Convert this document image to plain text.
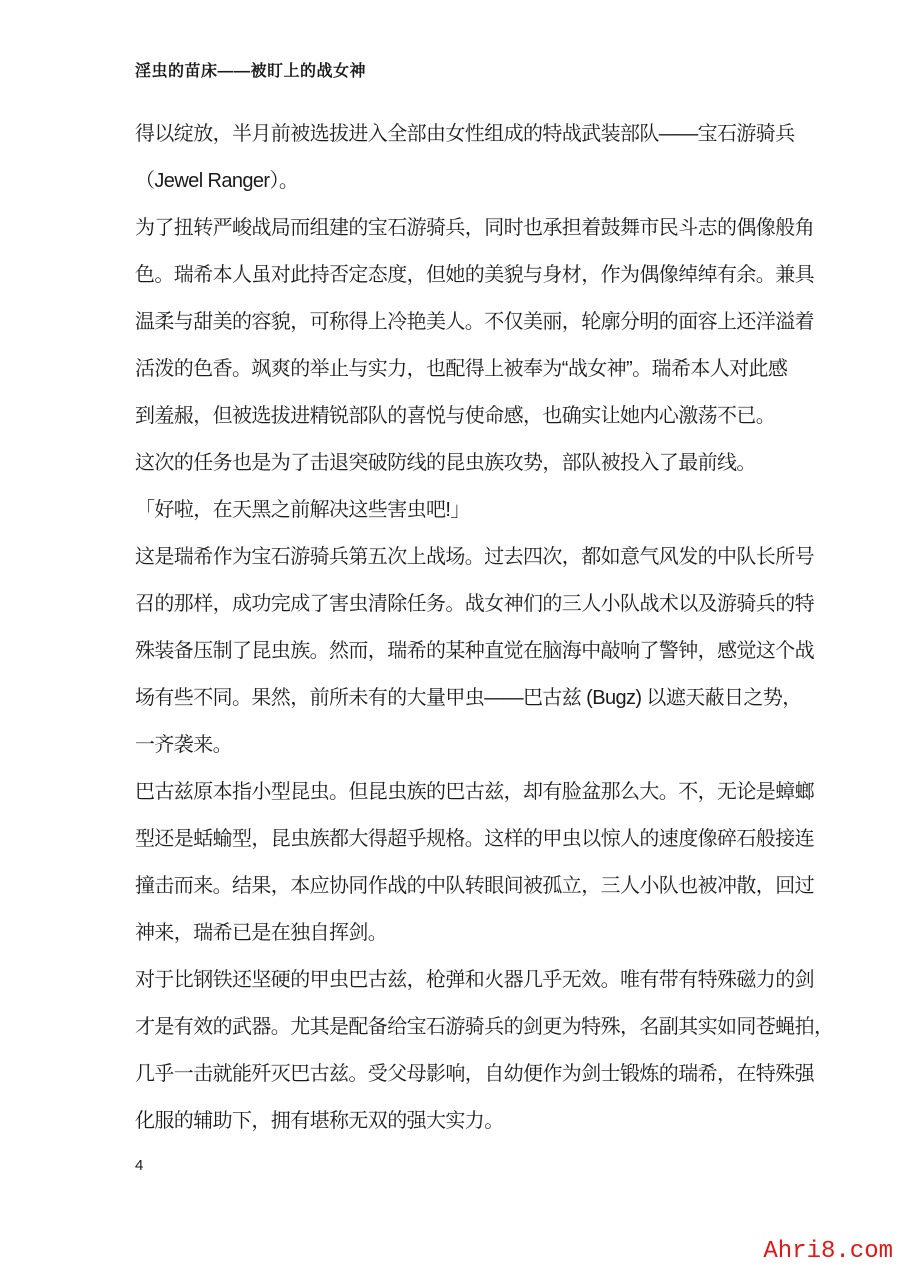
淫虫的苗床——被盯上的战女神
得以绽放，半月前被选拔进入全部由女性组成的特战武装部队——宝石游骑兵
（Jewel Ranger）。
为了扭转严峻战局而组建的宝石游骑兵，同时也承担着鼓舞市民斗志的偶像般角
色。瑞希本人虽对此持否定态度，但她的美貌与身材，作为偶像绰绰有余。兼具
温柔与甜美的容貌，可称得上冷艳美人。不仅美丽，轮廓分明的面容上还洋溢着
活泼的色香。飒爽的举止与实力，也配得上被奉为“战女神”。瑞希本人对此感
到羞赧，但被选拔进精锐部队的喜悦与使命感，也确实让她内心激荡不已。
这次的任务也是为了击退突破防线的昆虫族攻势，部队被投入了最前线。
「好啦，在天黑之前解决这些害虫吧!」
这是瑞希作为宝石游骑兵第五次上战场。过去四次，都如意气风发的中队长所号
召的那样，成功完成了害虫清除任务。战女神们的三人小队战术以及游骑兵的特
殊装备压制了昆虫族。然而，瑞希的某种直觉在脑海中敲响了警钟，感觉这个战
场有些不同。果然，前所未有的大量甲虫——巴古兹 (Bugz) 以遮天蔽日之势，
一齐袭来。
巴古兹原本指小型昆虫。但昆虫族的巴古兹，却有脸盆那么大。不，无论是蟑螂
型还是蛞蝓型，昆虫族都大得超乎规格。这样的甲虫以惊人的速度像碎石般接连
撞击而来。结果，本应协同作战的中队转眼间被孤立，三人小队也被冲散，回过
神来，瑞希已是在独自挥剑。
对于比钢铁还坚硬的甲虫巴古兹，枪弹和火器几乎无效。唯有带有特殊磁力的剑
才是有效的武器。尤其是配备给宝石游骑兵的剑更为特殊，名副其实如同苍蝇拍，
几乎一击就能歼灭巴古兹。受父母影响，自幼便作为剑士锻炼的瑞希，在特殊强
化服的辅助下，拥有堪称无双的强大实力。
4
Ahri8.com
